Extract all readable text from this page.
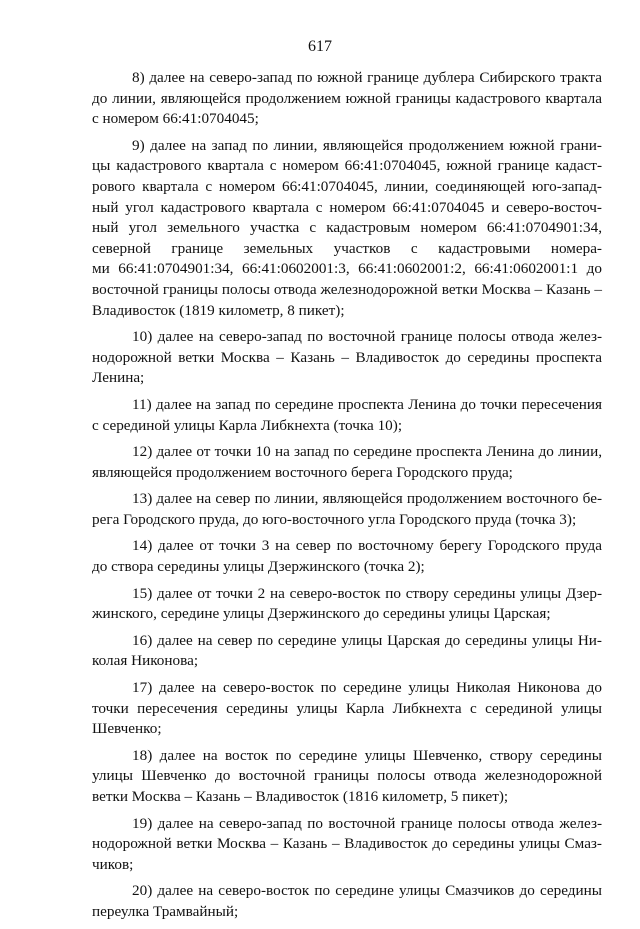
617

8) далее на северо-запад по южной границе дублера Сибирского тракта
до линии, являющейся продолжением южной границы кадастрового квартала
с номером 66:41:0704045;

9) далее на запад по линии, являющейся продолжением южной грани-
цы кадастрового квартала с номером 66:41:0704045, южной границе кадаст-
рового квартала с номером 66:41:0704045, линии, соединяющей юго-запад-
ный угол кадастрового квартала с номером 66:41:0704045 и северо-восточ-
ный угол земельного участка с кадастровым номером 66:41:0704901:34,
северной границе земельных участков с кадастровыми номера-
ми 66:41:0704901:34, 66:41:0602001:3, 66:41:0602001:2, 66:41:0602001:1 до
восточной границы полосы отвода железнодорожной ветки Москва – Казань –
Владивосток (1819 километр, 8 пикет);

10) далее на северо-запад по восточной границе полосы отвода желез-
нодорожной ветки Москва – Казань – Владивосток до середины проспекта
Ленина;

11) далее на запад по середине проспекта Ленина до точки пересечения
с серединой улицы Карла Либкнехта (точка 10);

12) далее от точки 10 на запад по середине проспекта Ленина до линии,
являющейся продолжением восточного берега Городского пруда;

13) далее на север по линии, являющейся продолжением восточного бе-
рега Городского пруда, до юго-восточного угла Городского пруда (точка 3);

14) далее от точки 3 на север по восточному берегу Городского пруда
до створа середины улицы Дзержинского (точка 2);

15) далее от точки 2 на северо-восток по створу середины улицы Дзер-
жинского, середине улицы Дзержинского до середины улицы Царская;

16) далее на север по середине улицы Царская до середины улицы Ни-
колая Никонова;

17) далее на северо-восток по середине улицы Николая Никонова до
точки пересечения середины улицы Карла Либкнехта с серединой улицы
Шевченко;

18) далее на восток по середине улицы Шевченко, створу середины
улицы Шевченко до восточной границы полосы отвода железнодорожной
ветки Москва – Казань – Владивосток (1816 километр, 5 пикет);

19) далее на северо-запад по восточной границе полосы отвода желез-
нодорожной ветки Москва – Казань – Владивосток до середины улицы Смаз-
чиков;

20) далее на северо-восток по середине улицы Смазчиков до середины
переулка Трамвайный;
